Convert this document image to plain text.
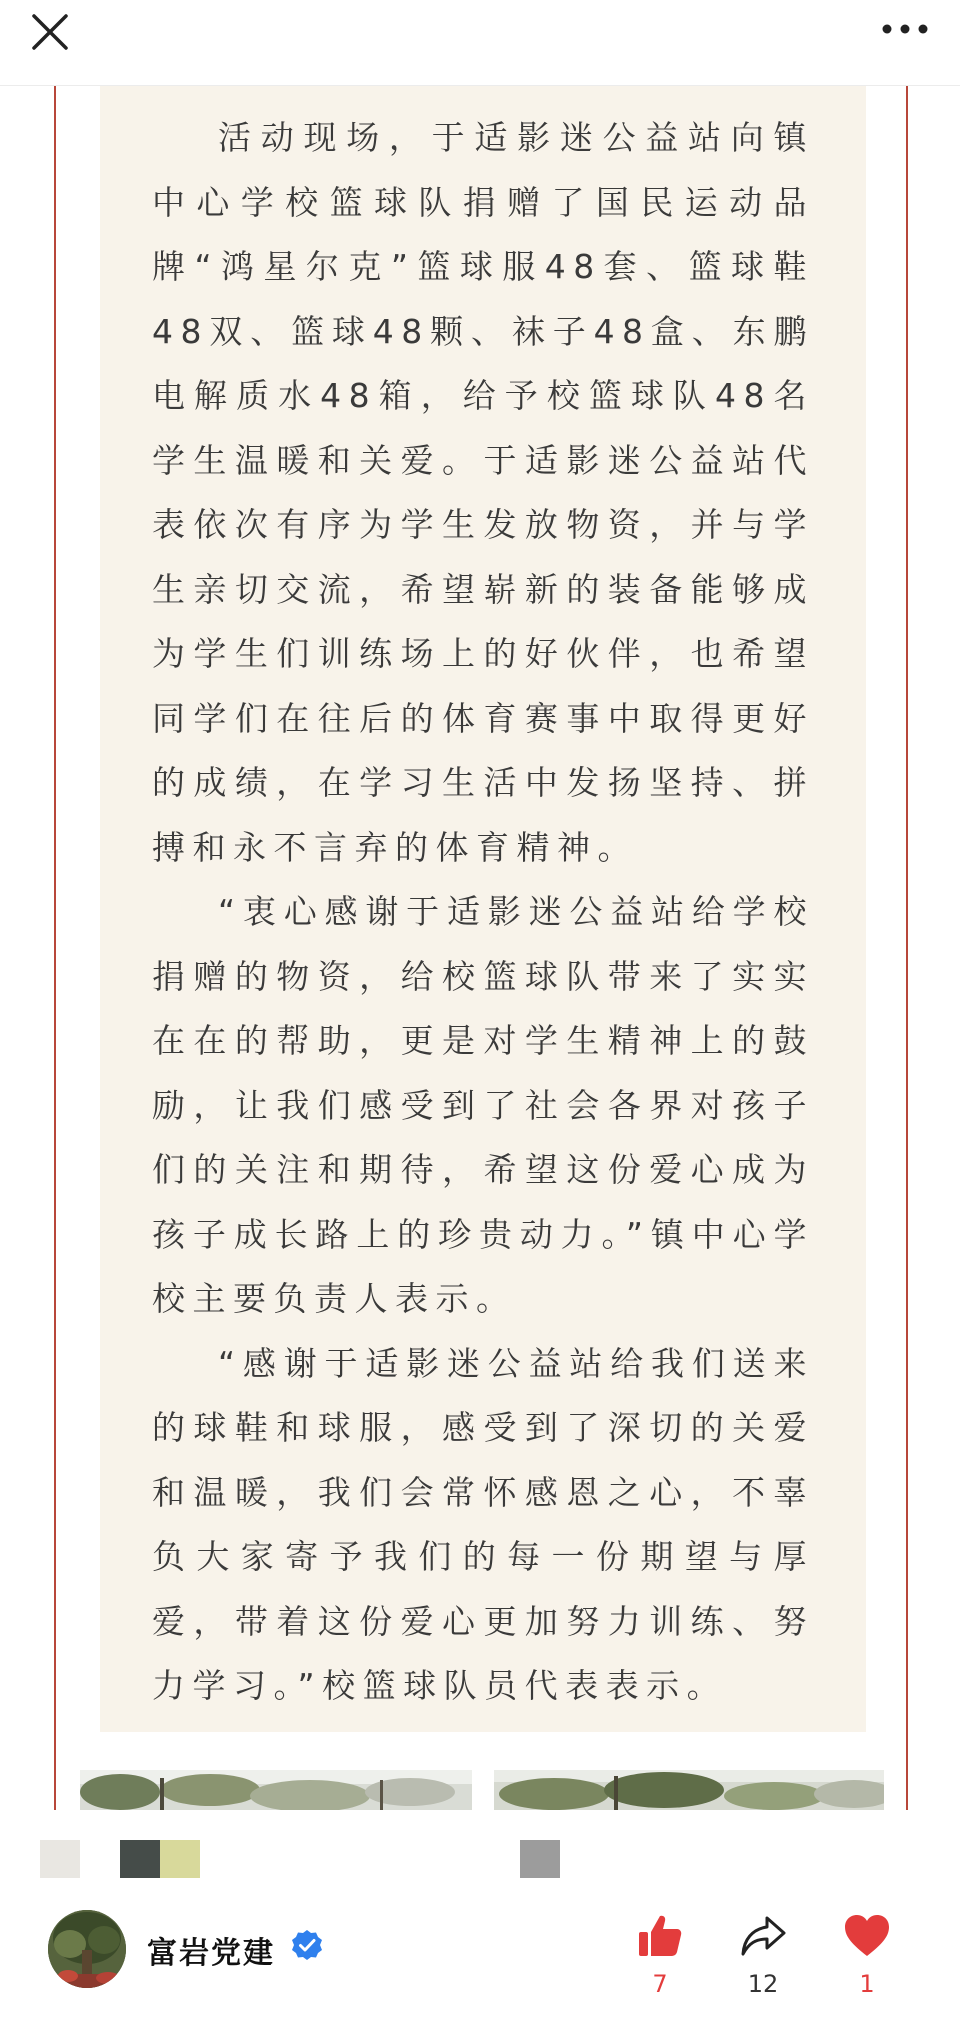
活动现场，于适影迷公益站向镇中心学校篮球队捐赠了国民运动品牌“鸿星尔克”篮球服48套、篮球鞋48双、篮球48颗、袜子48盒、东鹏电解质水48箱，给予校篮球队48名学生温暖和关爱。于适影迷公益站代表依次有序为学生发放物资，并与学生亲切交流，希望崭新的装备能够成为学生们训练场上的好伙伴，也希望同学们在往后的体育赛事中取得更好的成绩，在学习生活中发扬坚持、拼搏和永不言弃的体育精神。

“衷心感谢于适影迷公益站给学校捐赠的物资，给校篮球队带来了实实在在的帮助，更是对学生精神上的鼓励，让我们感受到了社会各界对孩子们的关注和期待，希望这份爱心成为孩子成长路上的珍贵动力。”镇中心学校主要负责人表示。

“感谢于适影迷公益站给我们送来的球鞋和球服，感受到了深切的关爱和温暖，我们会常怀感恩之心，不辜负大家寄予我们的每一份期望与厚爱，带着这份爱心更加努力训练、努力学习。”校篮球队员代表表示。

富岩党建
7	12	1
